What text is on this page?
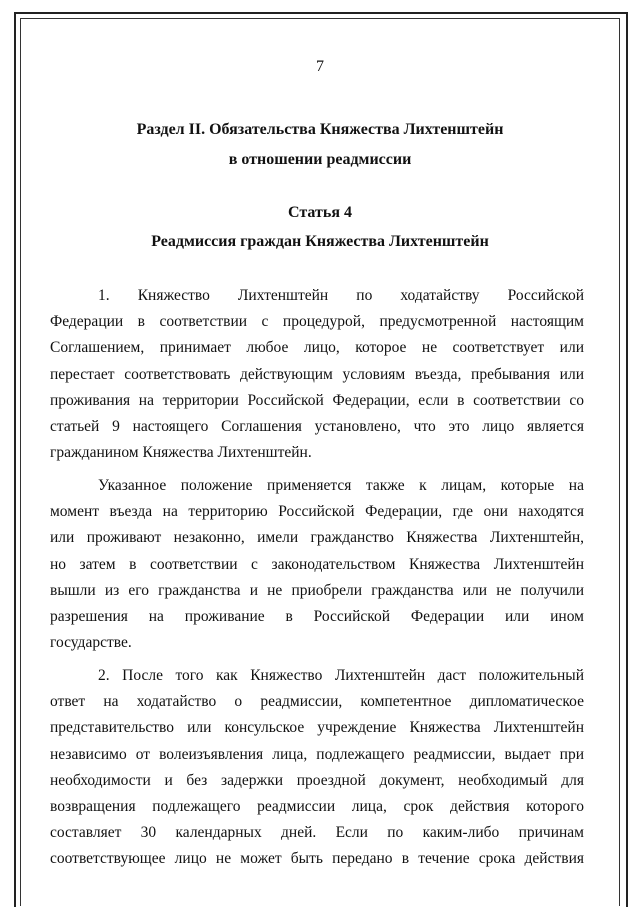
7
Раздел II. Обязательства Княжества Лихтенштейн
в отношении реадмиссии
Статья 4
Реадмиссия граждан Княжества Лихтенштейн
1. Княжество Лихтенштейн по ходатайству Российской
Федерации в соответствии с процедурой, предусмотренной настоящим
Соглашением, принимает любое лицо, которое не соответствует или
перестает соответствовать действующим условиям въезда, пребывания или
проживания на территории Российской Федерации, если в соответствии со
статьей 9 настоящего Соглашения установлено, что это лицо является
гражданином Княжества Лихтенштейн.
Указанное положение применяется также к лицам, которые на
момент въезда на территорию Российской Федерации, где они находятся
или проживают незаконно, имели гражданство Княжества Лихтенштейн,
но затем в соответствии с законодательством Княжества Лихтенштейн
вышли из его гражданства и не приобрели гражданства или не получили
разрешения на проживание в Российской Федерации или ином
государстве.
2. После того как Княжество Лихтенштейн даст положительный
ответ на ходатайство о реадмиссии, компетентное дипломатическое
представительство или консульское учреждение Княжества Лихтенштейн
независимо от волеизъявления лица, подлежащего реадмиссии, выдает при
необходимости и без задержки проездной документ, необходимый для
возвращения подлежащего реадмиссии лица, срок действия которого
составляет 30 календарных дней. Если по каким-либо причинам
соответствующее лицо не может быть передано в течение срока действия
